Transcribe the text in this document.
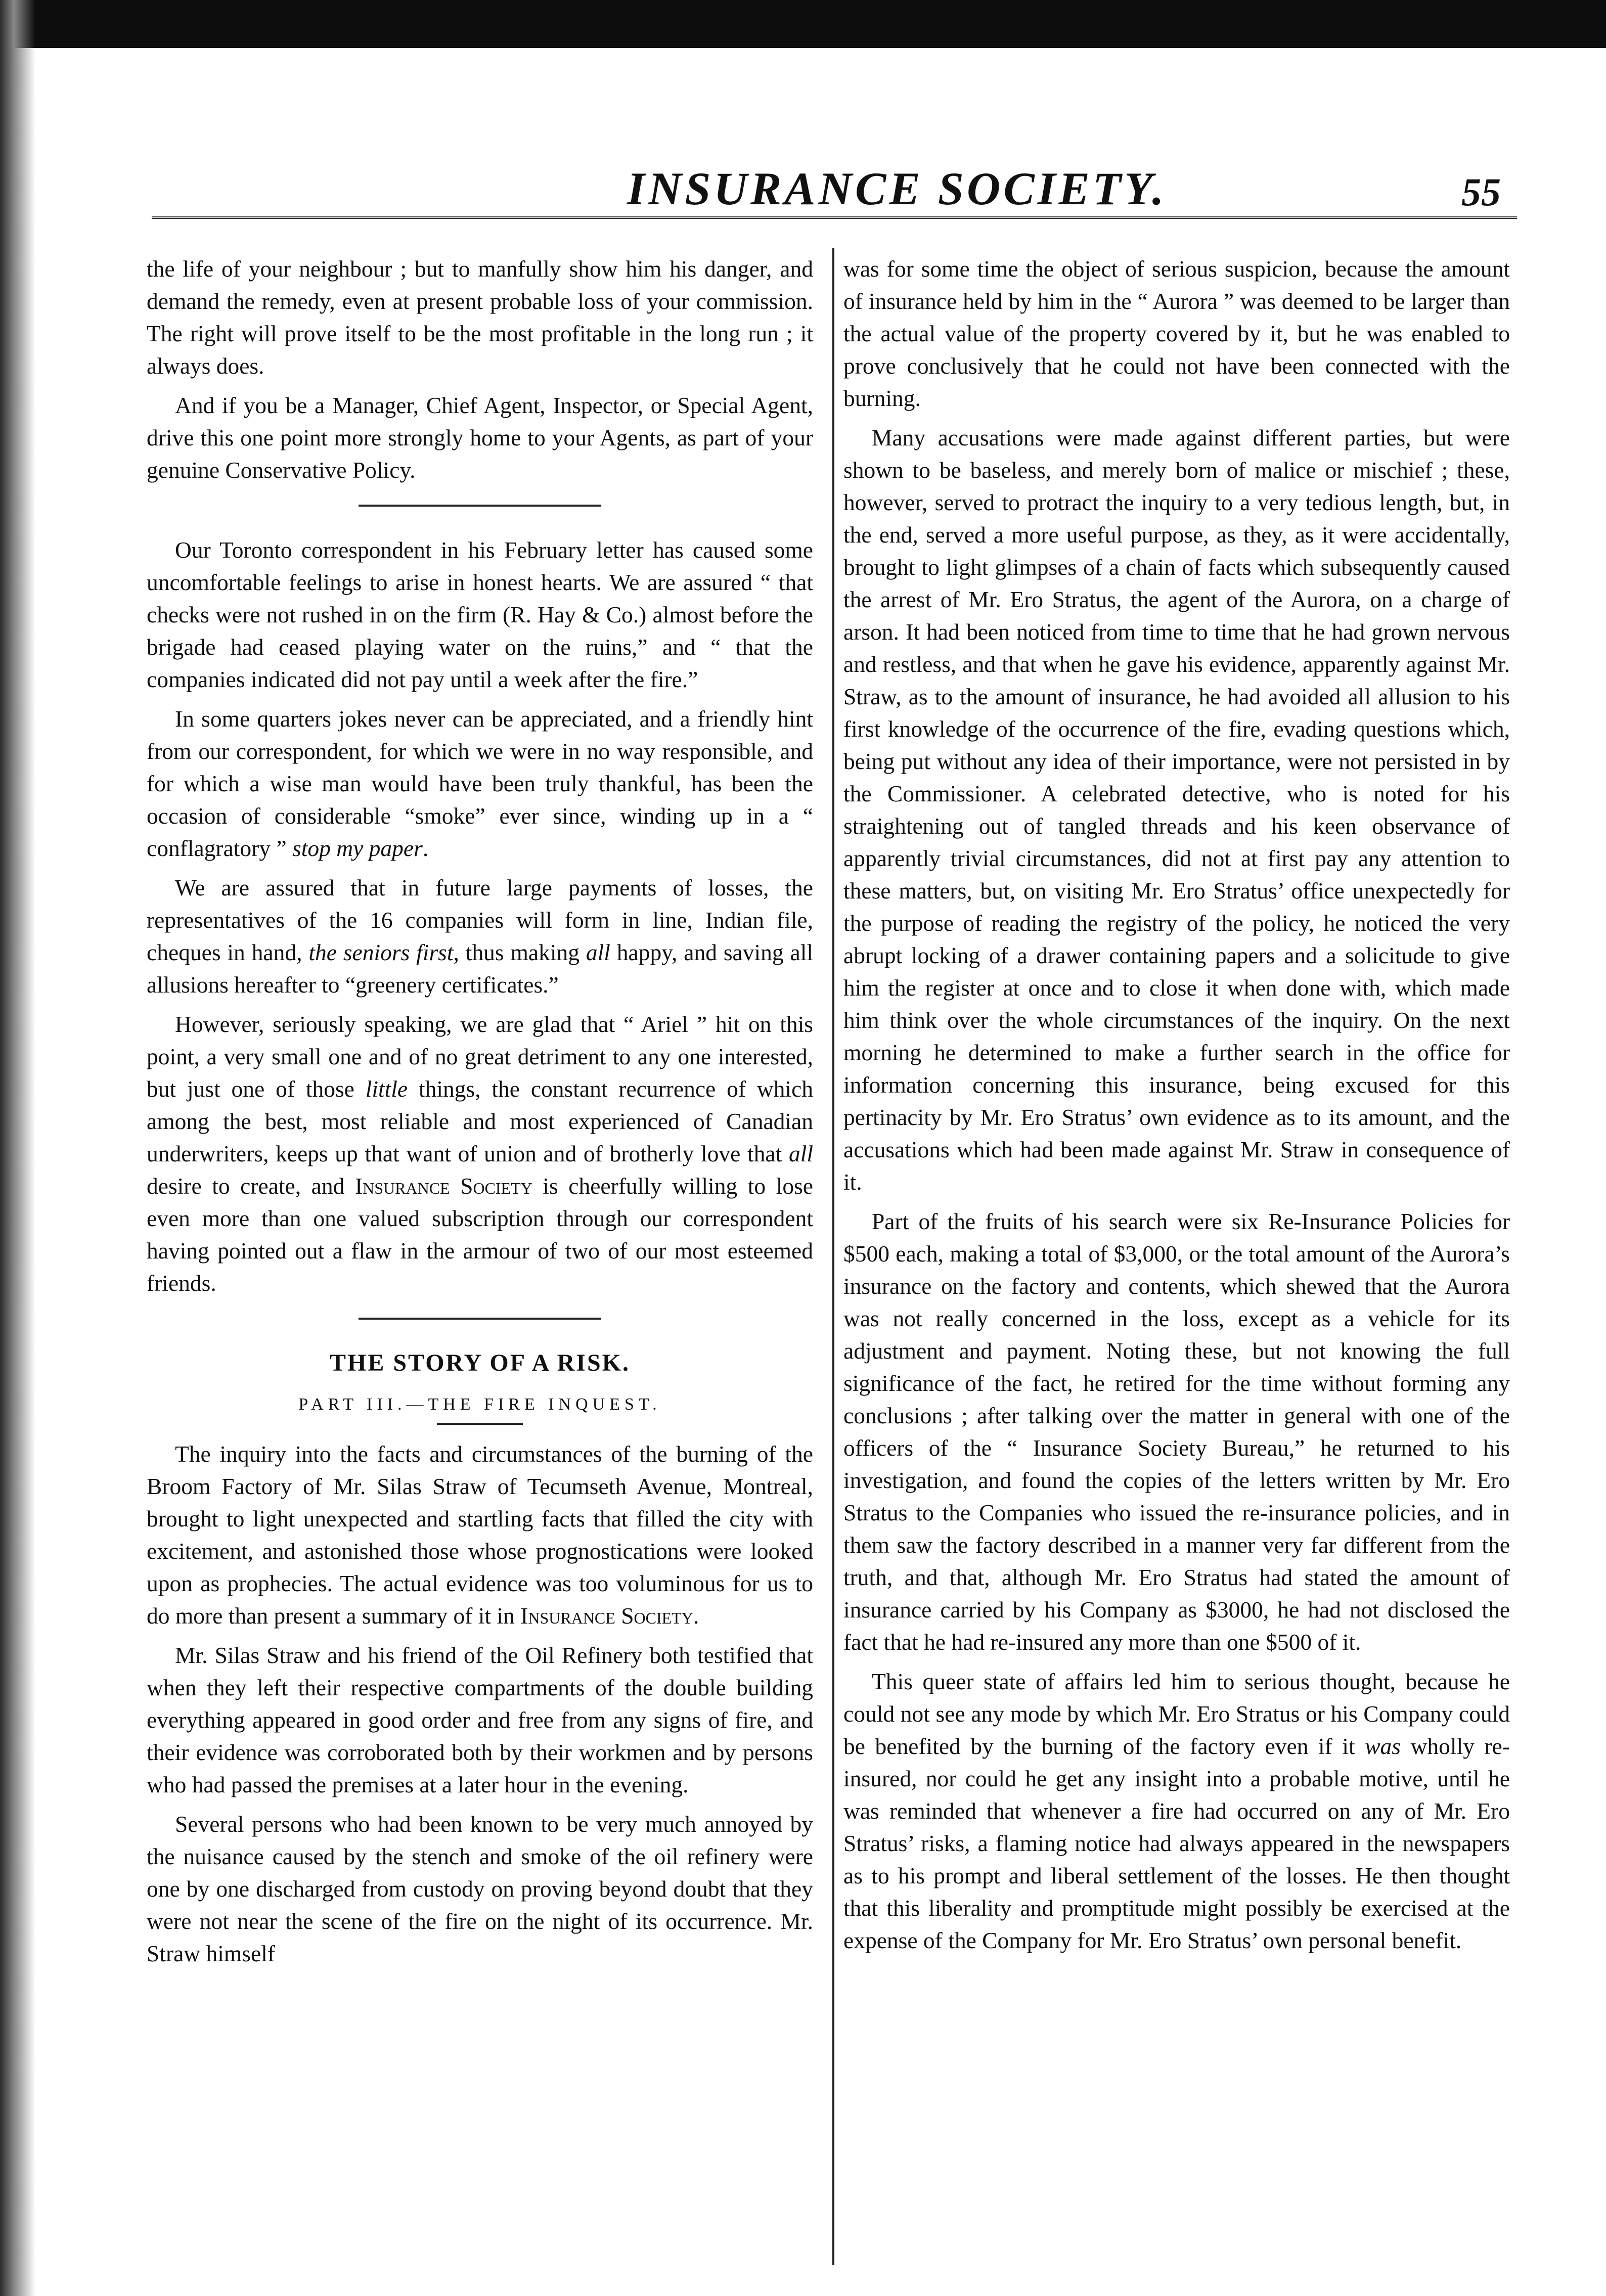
INSURANCE SOCIETY.	55

the life of your neighbour ; but to manfully show him his danger, and demand the remedy, even at present probable loss of your commission. The right will prove itself to be the most profitable in the long run ; it always does.

And if you be a Manager, Chief Agent, Inspector, or Special Agent, drive this one point more strongly home to your Agents, as part of your genuine Conservative Policy.

Our Toronto correspondent in his February letter has caused some uncomfortable feelings to arise in honest hearts. We are assured “ that checks were not rushed in on the firm (R. Hay & Co.) almost before the brigade had ceased playing water on the ruins,” and “ that the companies indicated did not pay until a week after the fire.”

In some quarters jokes never can be appreciated, and a friendly hint from our correspondent, for which we were in no way responsible, and for which a wise man would have been truly thankful, has been the occasion of considerable “smoke” ever since, winding up in a “ conflagratory ” stop my paper.

We are assured that in future large payments of losses, the representatives of the 16 companies will form in line, Indian file, cheques in hand, the seniors first, thus making all happy, and saving all allusions hereafter to “greenery certificates.”

However, seriously speaking, we are glad that “ Ariel ” hit on this point, a very small one and of no great detriment to any one interested, but just one of those little things, the constant recurrence of which among the best, most reliable and most experienced of Canadian underwriters, keeps up that want of union and of brotherly love that all desire to create, and Insurance Society is cheerfully willing to lose even more than one valued subscription through our correspondent having pointed out a flaw in the armour of two of our most esteemed friends.

THE STORY OF A RISK.
PART III.—THE FIRE INQUEST.

The inquiry into the facts and circumstances of the burning of the Broom Factory of Mr. Silas Straw of Tecumseth Avenue, Montreal, brought to light unexpected and startling facts that filled the city with excitement, and astonished those whose prognostications were looked upon as prophecies. The actual evidence was too voluminous for us to do more than present a summary of it in Insurance Society.

Mr. Silas Straw and his friend of the Oil Refinery both testified that when they left their respective compartments of the double building everything appeared in good order and free from any signs of fire, and their evidence was corroborated both by their workmen and by persons who had passed the premises at a later hour in the evening.

Several persons who had been known to be very much annoyed by the nuisance caused by the stench and smoke of the oil refinery were one by one discharged from custody on proving beyond doubt that they were not near the scene of the fire on the night of its occurrence. Mr. Straw himself

was for some time the object of serious suspicion, because the amount of insurance held by him in the “ Aurora ” was deemed to be larger than the actual value of the property covered by it, but he was enabled to prove conclusively that he could not have been connected with the burning.

Many accusations were made against different parties, but were shown to be baseless, and merely born of malice or mischief ; these, however, served to protract the inquiry to a very tedious length, but, in the end, served a more useful purpose, as they, as it were accidentally, brought to light glimpses of a chain of facts which subsequently caused the arrest of Mr. Ero Stratus, the agent of the Aurora, on a charge of arson. It had been noticed from time to time that he had grown nervous and restless, and that when he gave his evidence, apparently against Mr. Straw, as to the amount of insurance, he had avoided all allusion to his first knowledge of the occurrence of the fire, evading questions which, being put without any idea of their importance, were not persisted in by the Commissioner. A celebrated detective, who is noted for his straightening out of tangled threads and his keen observance of apparently trivial circumstances, did not at first pay any attention to these matters, but, on visiting Mr. Ero Stratus’ office unexpectedly for the purpose of reading the registry of the policy, he noticed the very abrupt locking of a drawer containing papers and a solicitude to give him the register at once and to close it when done with, which made him think over the whole circumstances of the inquiry. On the next morning he determined to make a further search in the office for information concerning this insurance, being excused for this pertinacity by Mr. Ero Stratus’ own evidence as to its amount, and the accusations which had been made against Mr. Straw in consequence of it.

Part of the fruits of his search were six Re-Insurance Policies for $500 each, making a total of $3,000, or the total amount of the Aurora’s insurance on the factory and contents, which shewed that the Aurora was not really concerned in the loss, except as a vehicle for its adjustment and payment. Noting these, but not knowing the full significance of the fact, he retired for the time without forming any conclusions ; after talking over the matter in general with one of the officers of the “ Insurance Society Bureau,” he returned to his investigation, and found the copies of the letters written by Mr. Ero Stratus to the Companies who issued the re-insurance policies, and in them saw the factory described in a manner very far different from the truth, and that, although Mr. Ero Stratus had stated the amount of insurance carried by his Company as $3000, he had not disclosed the fact that he had re-insured any more than one $500 of it.

This queer state of affairs led him to serious thought, because he could not see any mode by which Mr. Ero Stratus or his Company could be benefited by the burning of the factory even if it was wholly re-insured, nor could he get any insight into a probable motive, until he was reminded that whenever a fire had occurred on any of Mr. Ero Stratus’ risks, a flaming notice had always appeared in the newspapers as to his prompt and liberal settlement of the losses. He then thought that this liberality and promptitude might possibly be exercised at the expense of the Company for Mr. Ero Stratus’ own personal benefit.
